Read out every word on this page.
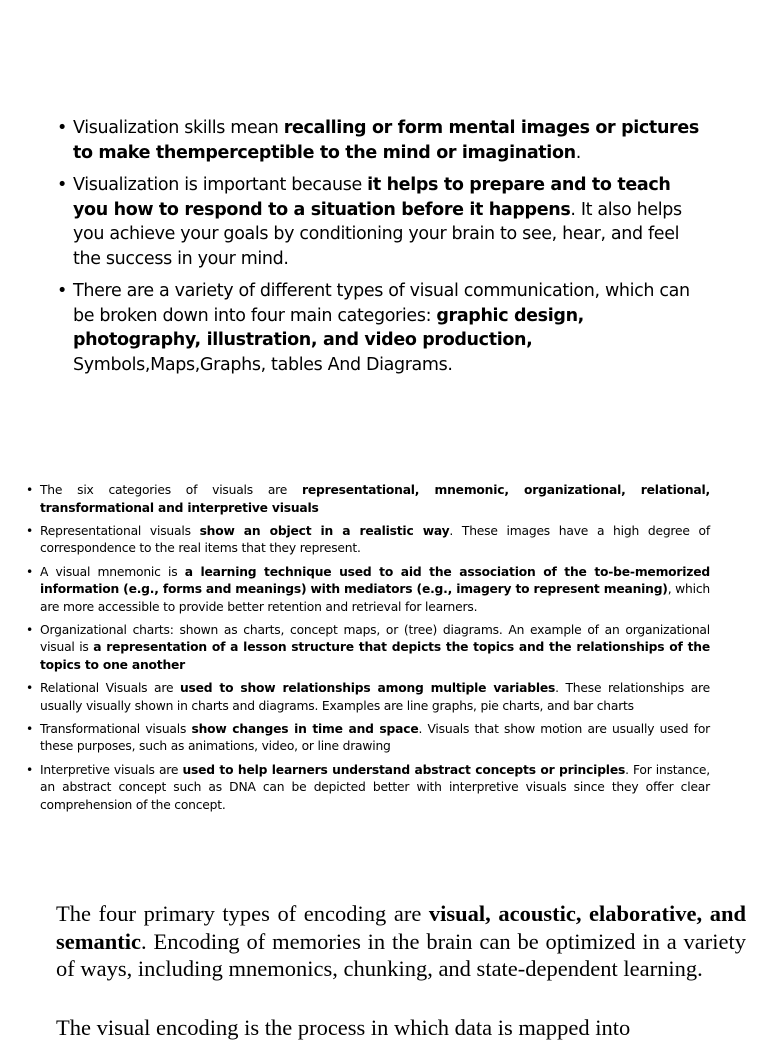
• Visualization skills mean recalling or form mental images or pictures to make themperceptible to the mind or imagination.
• Visualization is important because it helps to prepare and to teach you how to respond to a situation before it happens. It also helps you achieve your goals by conditioning your brain to see, hear, and feel the success in your mind.
• There are a variety of different types of visual communication, which can be broken down into four main categories: graphic design, photography, illustration, and video production, Symbols,Maps,Graphs, tables And Diagrams.
• The six categories of visuals are representational, mnemonic, organizational, relational, transformational and interpretive visuals
• Representational visuals show an object in a realistic way. These images have a high degree of correspondence to the real items that they represent.
• A visual mnemonic is a learning technique used to aid the association of the to-be-memorized information (e.g., forms and meanings) with mediators (e.g., imagery to represent meaning), which are more accessible to provide better retention and retrieval for learners.
• Organizational charts: shown as charts, concept maps, or (tree) diagrams. An example of an organizational visual is a representation of a lesson structure that depicts the topics and the relationships of the topics to one another
• Relational Visuals are used to show relationships among multiple variables. These relationships are usually visually shown in charts and diagrams. Examples are line graphs, pie charts, and bar charts
• Transformational visuals show changes in time and space. Visuals that show motion are usually used for these purposes, such as animations, video, or line drawing
• Interpretive visuals are used to help learners understand abstract concepts or principles. For instance, an abstract concept such as DNA can be depicted better with interpretive visuals since they offer clear comprehension of the concept.

The four primary types of encoding are visual, acoustic, elaborative, and semantic. Encoding of memories in the brain can be optimized in a variety of ways, including mnemonics, chunking, and state-dependent learning.

The visual encoding is the process in which data is mapped into
